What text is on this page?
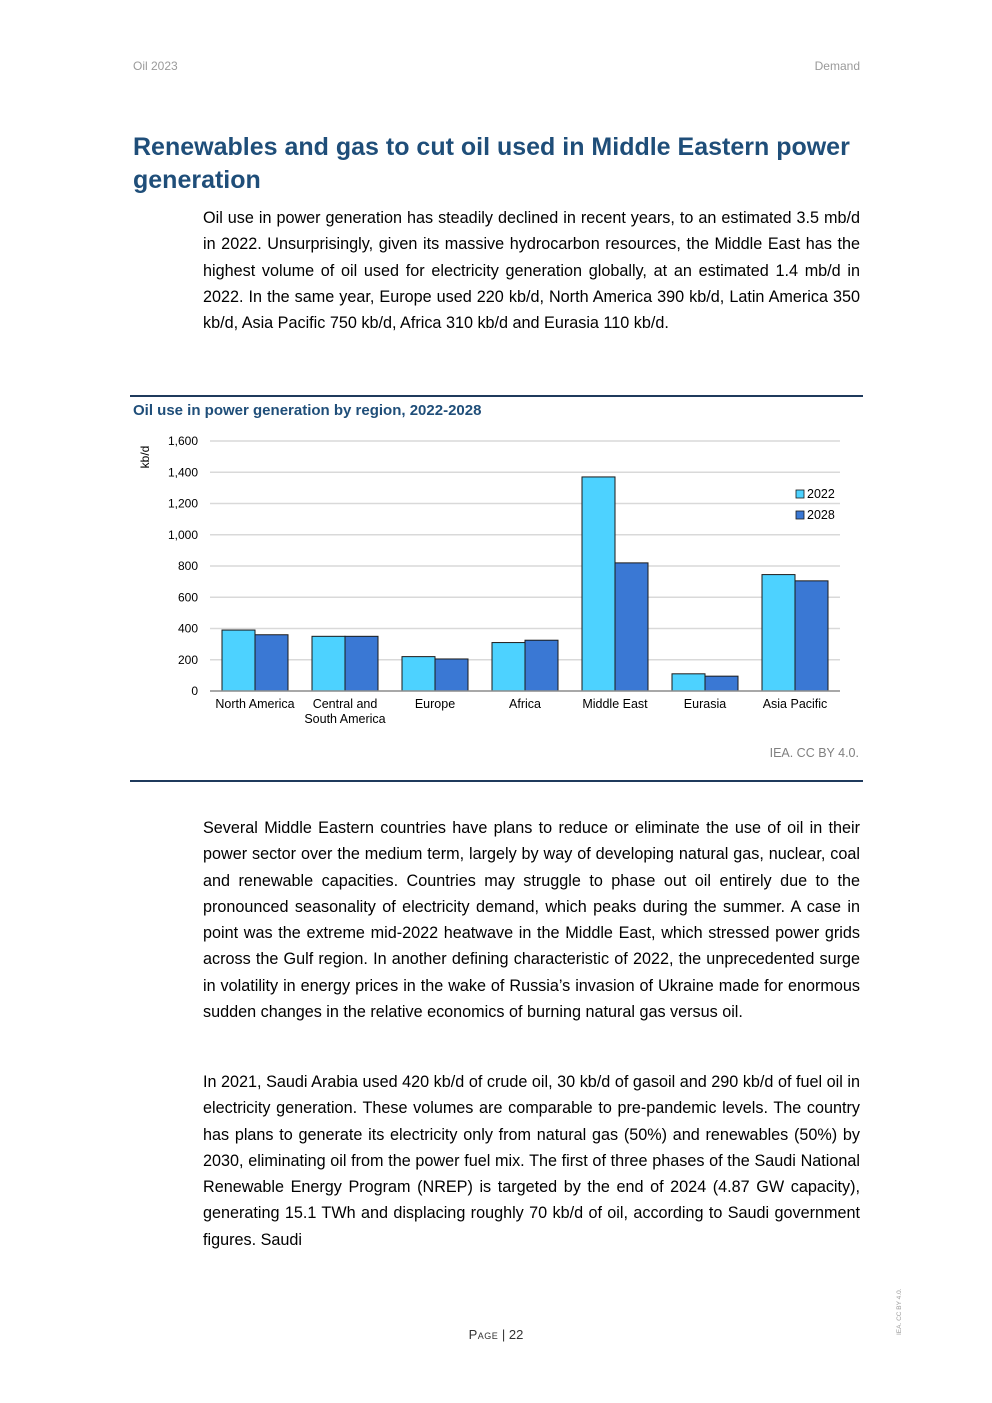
Oil 2023	Demand
Renewables and gas to cut oil used in Middle Eastern power generation

Oil use in power generation has steadily declined in recent years, to an estimated 3.5 mb/d in 2022. Unsurprisingly, given its massive hydrocarbon resources, the Middle East has the highest volume of oil used for electricity generation globally, at an estimated 1.4 mb/d in 2022. In the same year, Europe used 220 kb/d, North America 390 kb/d, Latin America 350 kb/d, Asia Pacific 750 kb/d, Africa 310 kb/d and Eurasia 110 kb/d.

Oil use in power generation by region, 2022-2028
0
200
400
600
800
1,000
1,200
1,400
1,600
kb/d
North America Central and
South America
Europe	Africa	Middle East	Eurasia	Asia Pacific
2022
2028
IEA. CC BY 4.0.

Several Middle Eastern countries have plans to reduce or eliminate the use of oil in their power sector over the medium term, largely by way of developing natural gas, nuclear, coal and renewable capacities. Countries may struggle to phase out oil entirely due to the pronounced seasonality of electricity demand, which peaks during the summer. A case in point was the extreme mid-2022 heatwave in the Middle East, which stressed power grids across the Gulf region. In another defining characteristic of 2022, the unprecedented surge in volatility in energy prices in the wake of Russia’s invasion of Ukraine made for enormous sudden changes in the relative economics of burning natural gas versus oil.

In 2021, Saudi Arabia used 420 kb/d of crude oil, 30 kb/d of gasoil and 290 kb/d of fuel oil in electricity generation. These volumes are comparable to pre-pandemic levels. The country has plans to generate its electricity only from natural gas (50%) and renewables (50%) by 2030, eliminating oil from the power fuel mix. The first of three phases of the Saudi National Renewable Energy Program (NREP) is targeted by the end of 2024 (4.87 GW capacity), generating 15.1 TWh and displacing roughly 70 kb/d of oil, according to Saudi government figures. Saudi

Page | 22	IEA. CC BY 4.0.
